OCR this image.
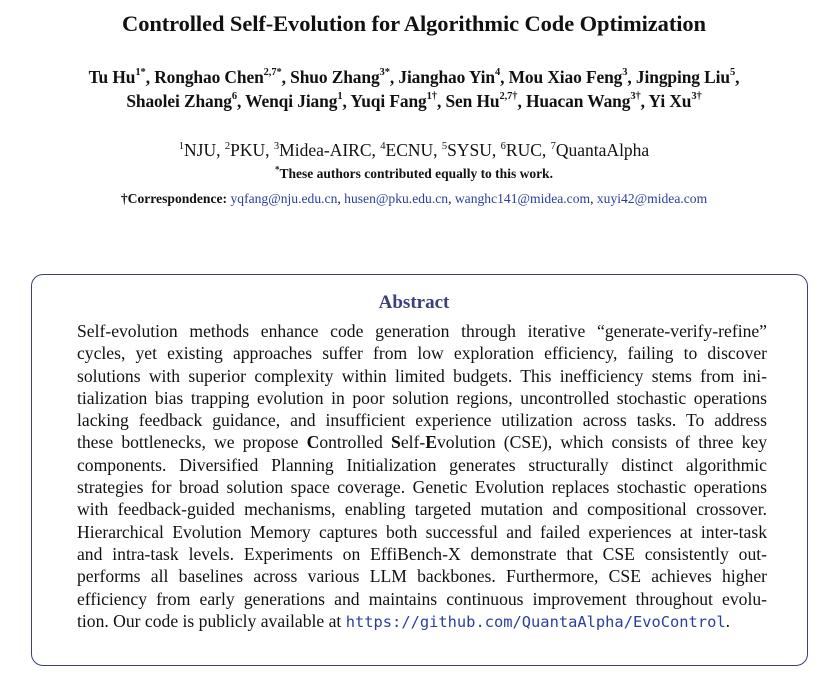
Controlled Self-Evolution for Algorithmic Code Optimization
Tu $Hu^{1*}$, Ronghao Chen$^{2,7*}$, Shuo Zhang$^{3*}$, Jianghao Yin$^4$, Mou Xiao Feng$^3$, Jingping Liu$^5$,
Shaolei Zhang$^6$, Wenqi Jiang$^1$, Yuqi Fang$^{1\dagger}$, Sen $Hu^{2,7\dagger}$, Huacan Wang$^{3\dagger}$, Yi $Xu^{3\dagger}$
$^1$NJU, $^2$PKU, $^3$Midea-AIRC, $^4$ECNU, $^5$SYSU, $^6$RUC, $^7$QuantaAlpha
*These authors contributed equally to this work.
†Correspondence: yqfang@nju.edu.cn, husen@pku.edu.cn, wanghc141@midea.com, xuyi42@midea.com
Abstract
Self-evolution methods enhance code generation through iterative “generate-verify-refine”
cycles, yet existing approaches suffer from low exploration efficiency, failing to discover
solutions with superior complexity within limited budgets. This inefficiency stems from ini-
tialization bias trapping evolution in poor solution regions, uncontrolled stochastic operations
lacking feedback guidance, and insufficient experience utilization across tasks. To address
these bottlenecks, we propose Controlled Self-Evolution (CSE), which consists of three key
components. Diversified Planning Initialization generates structurally distinct algorithmic
strategies for broad solution space coverage. Genetic Evolution replaces stochastic operations
with feedback-guided mechanisms, enabling targeted mutation and compositional crossover.
Hierarchical Evolution Memory captures both successful and failed experiences at inter-task
and intra-task levels. Experiments on EffiBench-X demonstrate that CSE consistently out-
performs all baselines across various LLM backbones. Furthermore, CSE achieves higher
efficiency from early generations and maintains continuous improvement throughout evolu-
tion. Our code is publicly available at https://github.com/QuantaAlpha/EvoControl.
